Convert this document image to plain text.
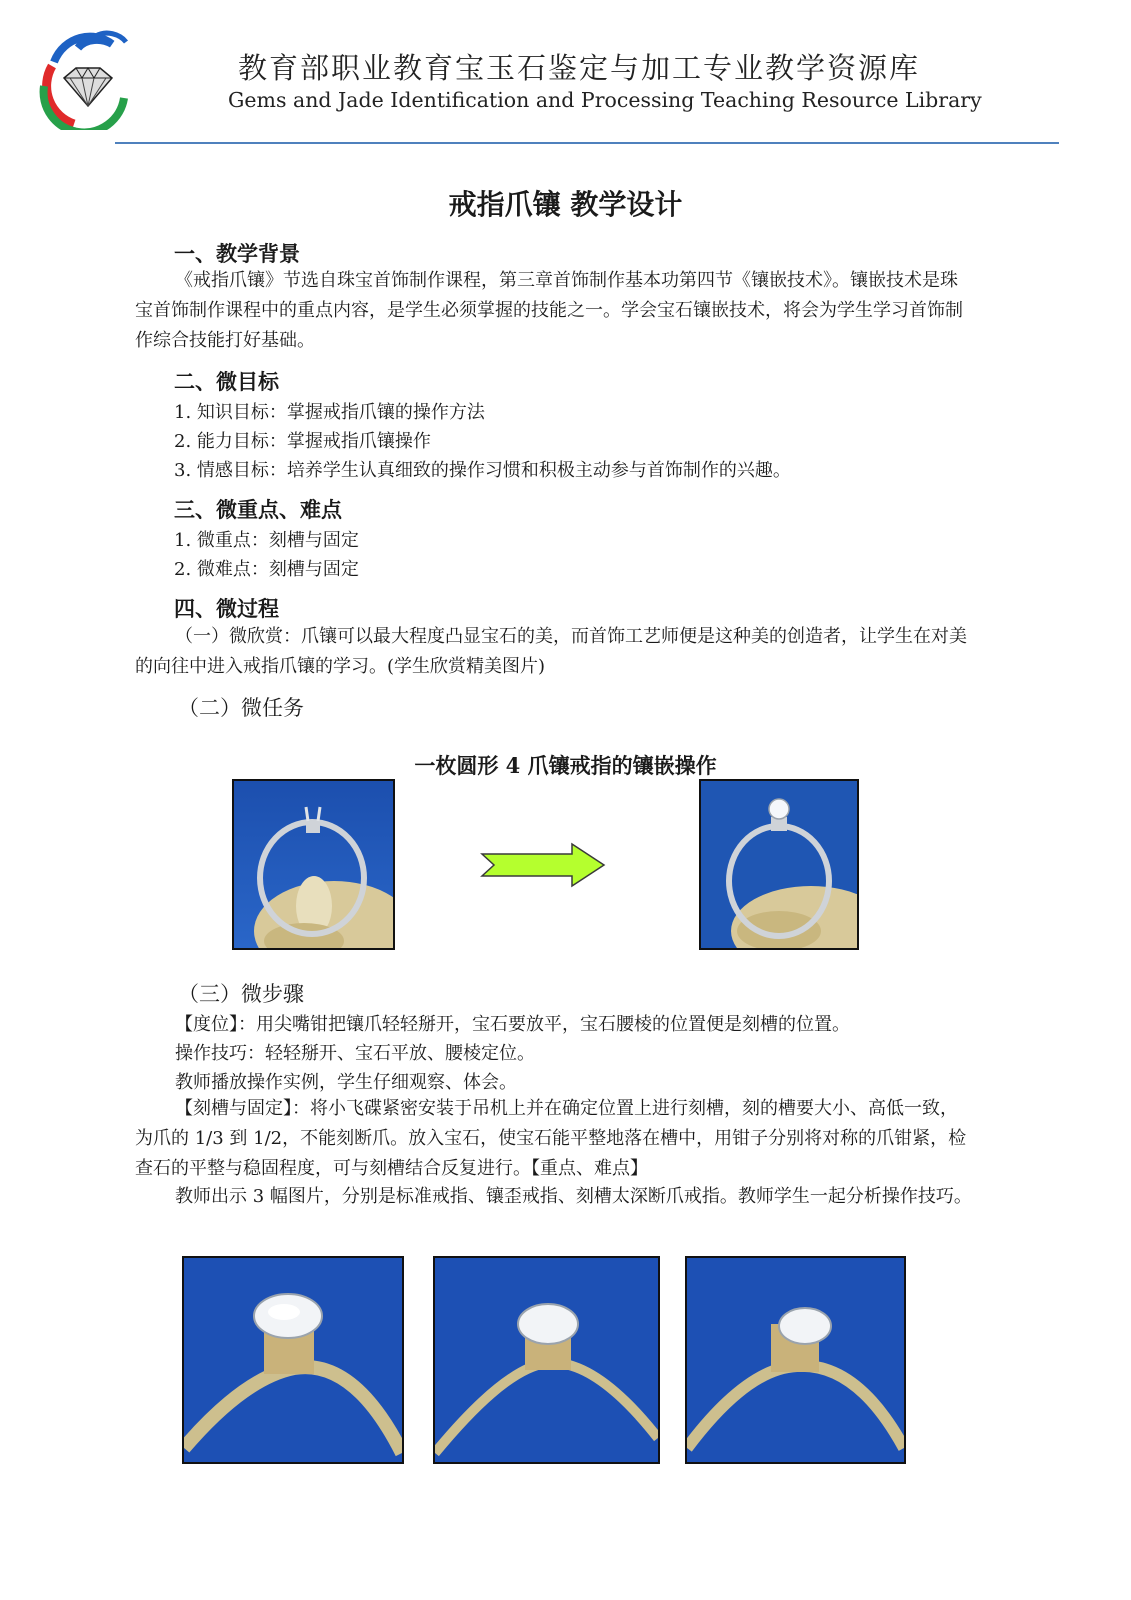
教育部职业教育宝玉石鉴定与加工专业教学资源库
Gems and Jade Identification and Processing Teaching Resource Library
戒指爪镶 教学设计
一、教学背景
《戒指爪镶》节选自珠宝首饰制作课程，第三章首饰制作基本功第四节《镶嵌技术》。镶嵌技术是珠宝首饰制作课程中的重点内容，是学生必须掌握的技能之一。学会宝石镶嵌技术，将会为学生学习首饰制作综合技能打好基础。
二、微目标
1. 知识目标：掌握戒指爪镶的操作方法
2. 能力目标：掌握戒指爪镶操作
3. 情感目标：培养学生认真细致的操作习惯和积极主动参与首饰制作的兴趣。
三、微重点、难点
1. 微重点：刻槽与固定
2. 微难点：刻槽与固定
四、微过程
（一）微欣赏：爪镶可以最大程度凸显宝石的美，而首饰工艺师便是这种美的创造者，让学生在对美的向往中进入戒指爪镶的学习。(学生欣赏精美图片)
（二）微任务
一枚圆形 4 爪镶戒指的镶嵌操作
（三）微步骤
【度位】：用尖嘴钳把镶爪轻轻掰开，宝石要放平，宝石腰棱的位置便是刻槽的位置。
操作技巧：轻轻掰开、宝石平放、腰棱定位。
教师播放操作实例，学生仔细观察、体会。
【刻槽与固定】：将小飞碟紧密安装于吊机上并在确定位置上进行刻槽，刻的槽要大小、高低一致，为爪的 1/3 到 1/2，不能刻断爪。放入宝石，使宝石能平整地落在槽中，用钳子分别将对称的爪钳紧，检查石的平整与稳固程度，可与刻槽结合反复进行。【重点、难点】
教师出示 3 幅图片，分别是标准戒指、镶歪戒指、刻槽太深断爪戒指。教师学生一起分析操作技巧。
